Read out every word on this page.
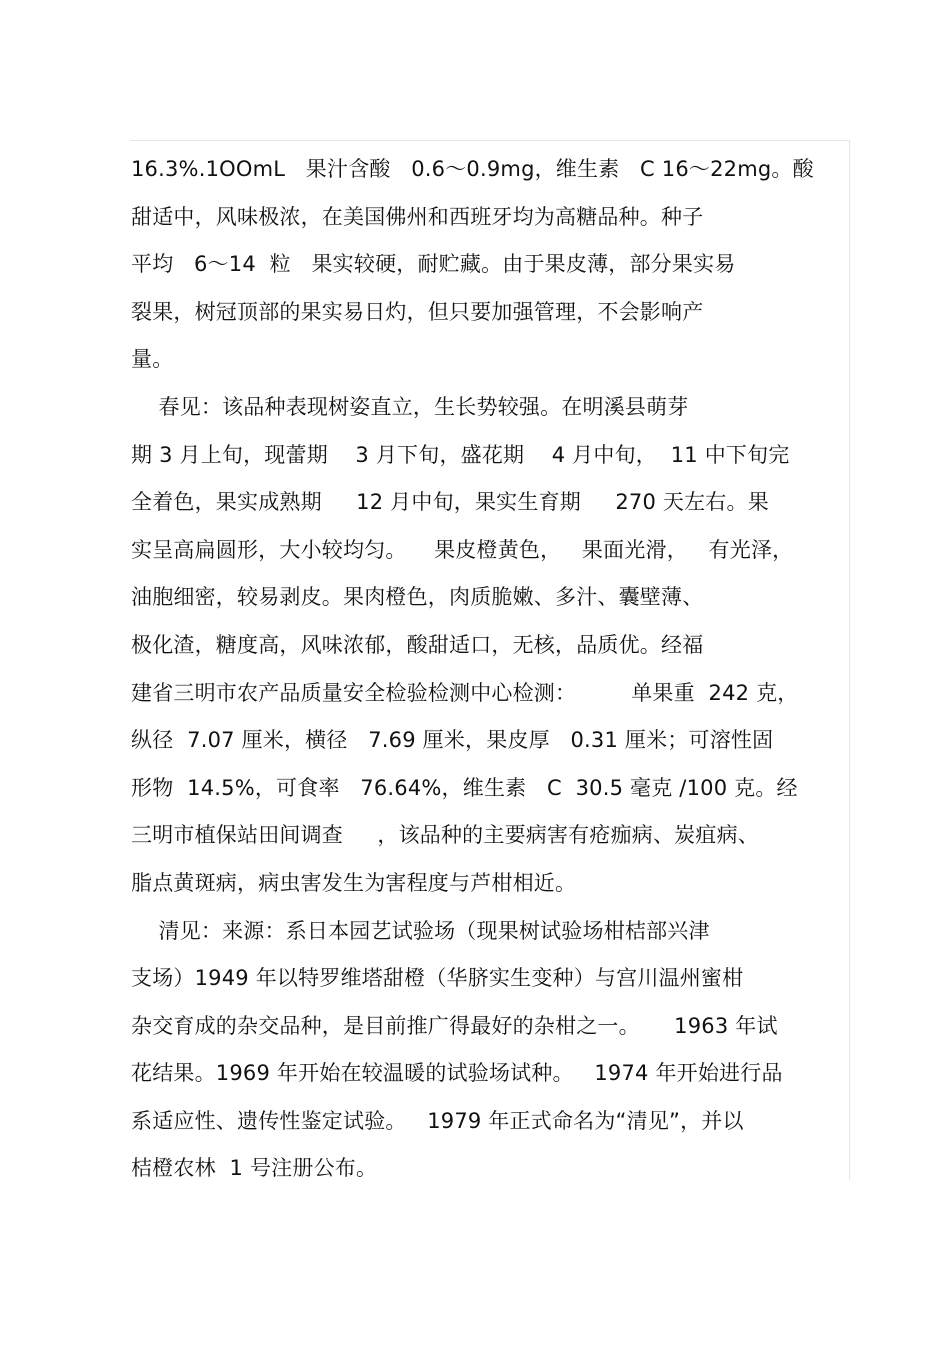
16.3%.1OOmL   果汁含酸   0.6～0.9mg，维生素   C 16～22mg。酸
甜适中，风味极浓，在美国佛州和西班牙均为高糖品种。种子
平均   6～14  粒   果实较硬，耐贮藏。由于果皮薄，部分果实易
裂果，树冠顶部的果实易日灼，但只要加强管理，不会影响产
量。
春见：该品种表现树姿直立，生长势较强。在明溪县萌芽
期 3 月上旬，现蕾期    3 月下旬，盛花期    4 月中旬，  11 中下旬完
全着色，果实成熟期     12 月中旬，果实生育期     270 天左右。果
实呈高扁圆形，大小较均匀。    果皮橙黄色，   果面光滑，   有光泽，
油胞细密，较易剥皮。果肉橙色，肉质脆嫩、多汁、囊壁薄、
极化渣，糖度高，风味浓郁，酸甜适口，无核，品质优。经福
建省三明市农产品质量安全检验检测中心检测：        单果重  242 克，
纵径  7.07 厘米，横径   7.69 厘米，果皮厚   0.31 厘米；可溶性固
形物  14.5%，可食率   76.64%，维生素   C  30.5 毫克 /100 克。经
三明市植保站田间调查     ，该品种的主要病害有疮痂病、炭疽病、
脂点黄斑病，病虫害发生为害程度与芦柑相近。
清见：来源：系日本园艺试验场（现果树试验场柑桔部兴津
支场）1949 年以特罗维塔甜橙（华脐实生变种）与宫川温州蜜柑
杂交育成的杂交品种，是目前推广得最好的杂柑之一。     1963 年试
花结果。1969 年开始在较温暖的试验场试种。   1974 年开始进行品
系适应性、遗传性鉴定试验。   1979 年正式命名为“清见”，并以
桔橙农林  1 号注册公布。
